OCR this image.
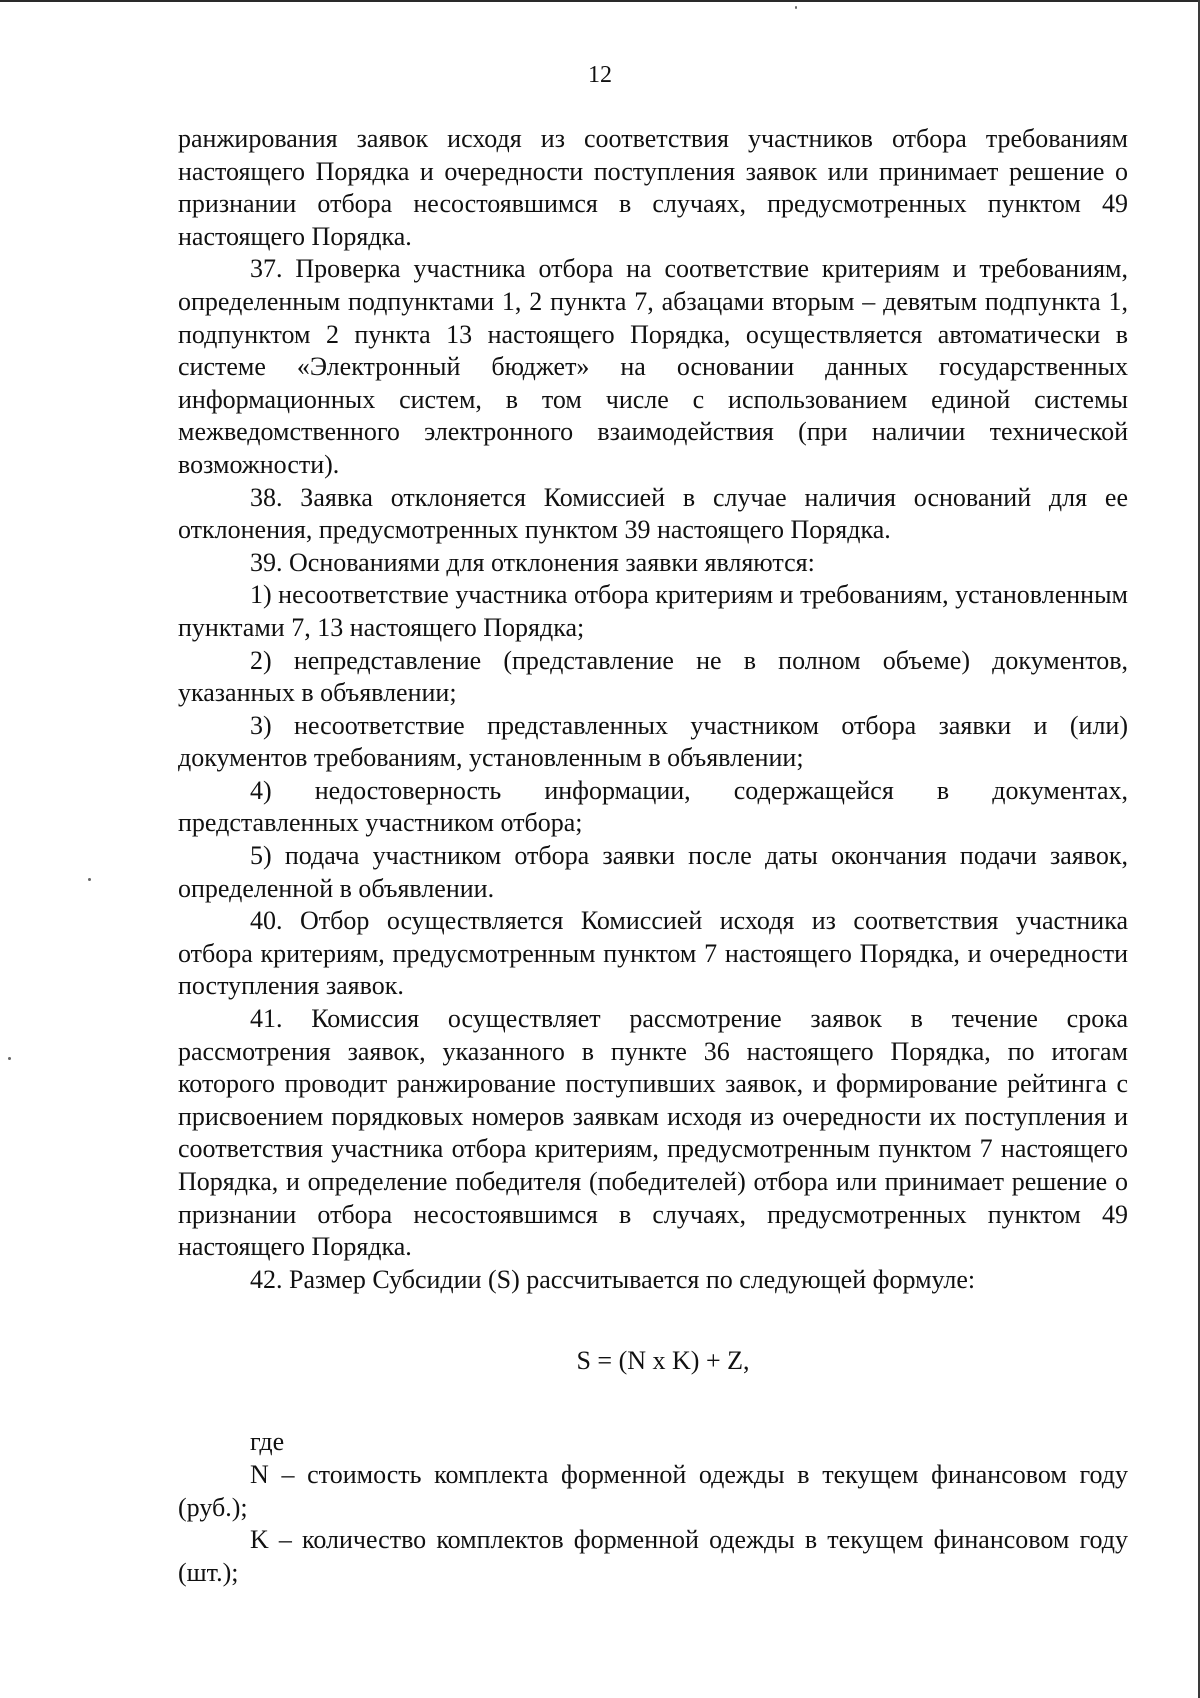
12

ранжирования заявок исходя из соответствия участников отбора требованиям настоящего Порядка и очередности поступления заявок или принимает решение о признании отбора несостоявшимся в случаях, предусмотренных пунктом 49 настоящего Порядка.

37. Проверка участника отбора на соответствие критериям и требованиям, определенным подпунктами 1, 2 пункта 7, абзацами вторым – девятым подпункта 1, подпунктом 2 пункта 13 настоящего Порядка, осуществляется автоматически в системе «Электронный бюджет» на основании данных государственных информационных систем, в том числе с использованием единой системы межведомственного электронного взаимодействия (при наличии технической возможности).

38. Заявка отклоняется Комиссией в случае наличия оснований для ее отклонения, предусмотренных пунктом 39 настоящего Порядка.

39. Основаниями для отклонения заявки являются:

1) несоответствие участника отбора критериям и требованиям, установленным пунктами 7, 13 настоящего Порядка;

2) непредставление (представление не в полном объеме) документов, указанных в объявлении;

3) несоответствие представленных участником отбора заявки и (или) документов требованиям, установленным в объявлении;

4) недостоверность информации, содержащейся в документах, представленных участником отбора;

5) подача участником отбора заявки после даты окончания подачи заявок, определенной в объявлении.

40. Отбор осуществляется Комиссией исходя из соответствия участника отбора критериям, предусмотренным пунктом 7 настоящего Порядка, и очередности поступления заявок.

41. Комиссия осуществляет рассмотрение заявок в течение срока рассмотрения заявок, указанного в пункте 36 настоящего Порядка, по итогам которого проводит ранжирование поступивших заявок, и формирование рейтинга с присвоением порядковых номеров заявкам исходя из очередности их поступления и соответствия участника отбора критериям, предусмотренным пунктом 7 настоящего Порядка, и определение победителя (победителей) отбора или принимает решение о признании отбора несостоявшимся в случаях, предусмотренных пунктом 49 настоящего Порядка.

42. Размер Субсидии (S) рассчитывается по следующей формуле:

S = (N x K) + Z,

где

N – стоимость комплекта форменной одежды в текущем финансовом году (руб.);

K – количество комплектов форменной одежды в текущем финансовом году (шт.);
